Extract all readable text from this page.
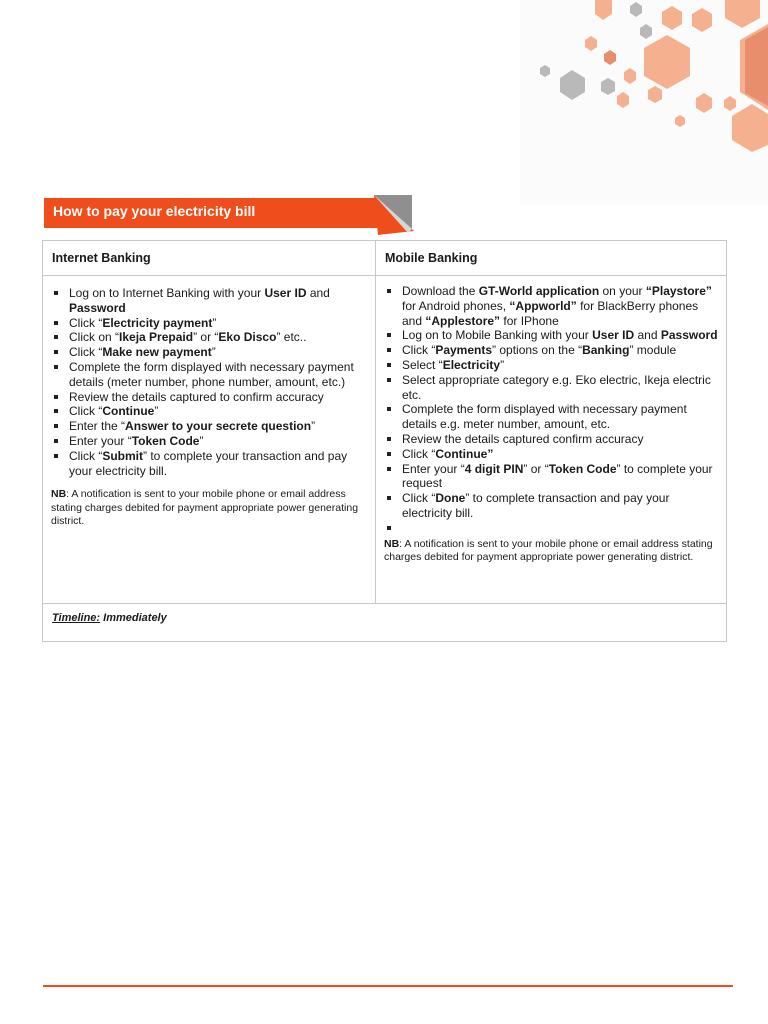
How to pay your electricity bill
Internet Banking	Mobile Banking
Log on to Internet Banking with your User ID and Password
Click “Electricity payment”
Click on “Ikeja Prepaid” or “Eko Disco” etc..
Click “Make new payment”
Complete the form displayed with necessary payment details (meter number, phone number, amount, etc.)
Review the details captured to confirm accuracy
Click “Continue”
Enter the “Answer to your secrete question”
Enter your “Token Code”
Click “Submit” to complete your transaction and pay your electricity bill.
NB: A notification is sent to your mobile phone or email address stating charges debited for payment appropriate power generating district.
Download the GT-World application on your “Playstore” for Android phones, “Appworld” for BlackBerry phones and “Applestore” for IPhone
Log on to Mobile Banking with your User ID and Password
Click “Payments” options on the “Banking” module
Select “Electricity”
Select appropriate category e.g. Eko electric, Ikeja electric etc.
Complete the form displayed with necessary payment details e.g. meter number, amount, etc.
Review the details captured confirm accuracy
Click “Continue”
Enter your “4 digit PIN” or “Token Code” to complete your request
Click “Done” to complete transaction and pay your electricity bill.

NB: A notification is sent to your mobile phone or email address stating charges debited for payment appropriate power generating district.
Timeline: Immediately
